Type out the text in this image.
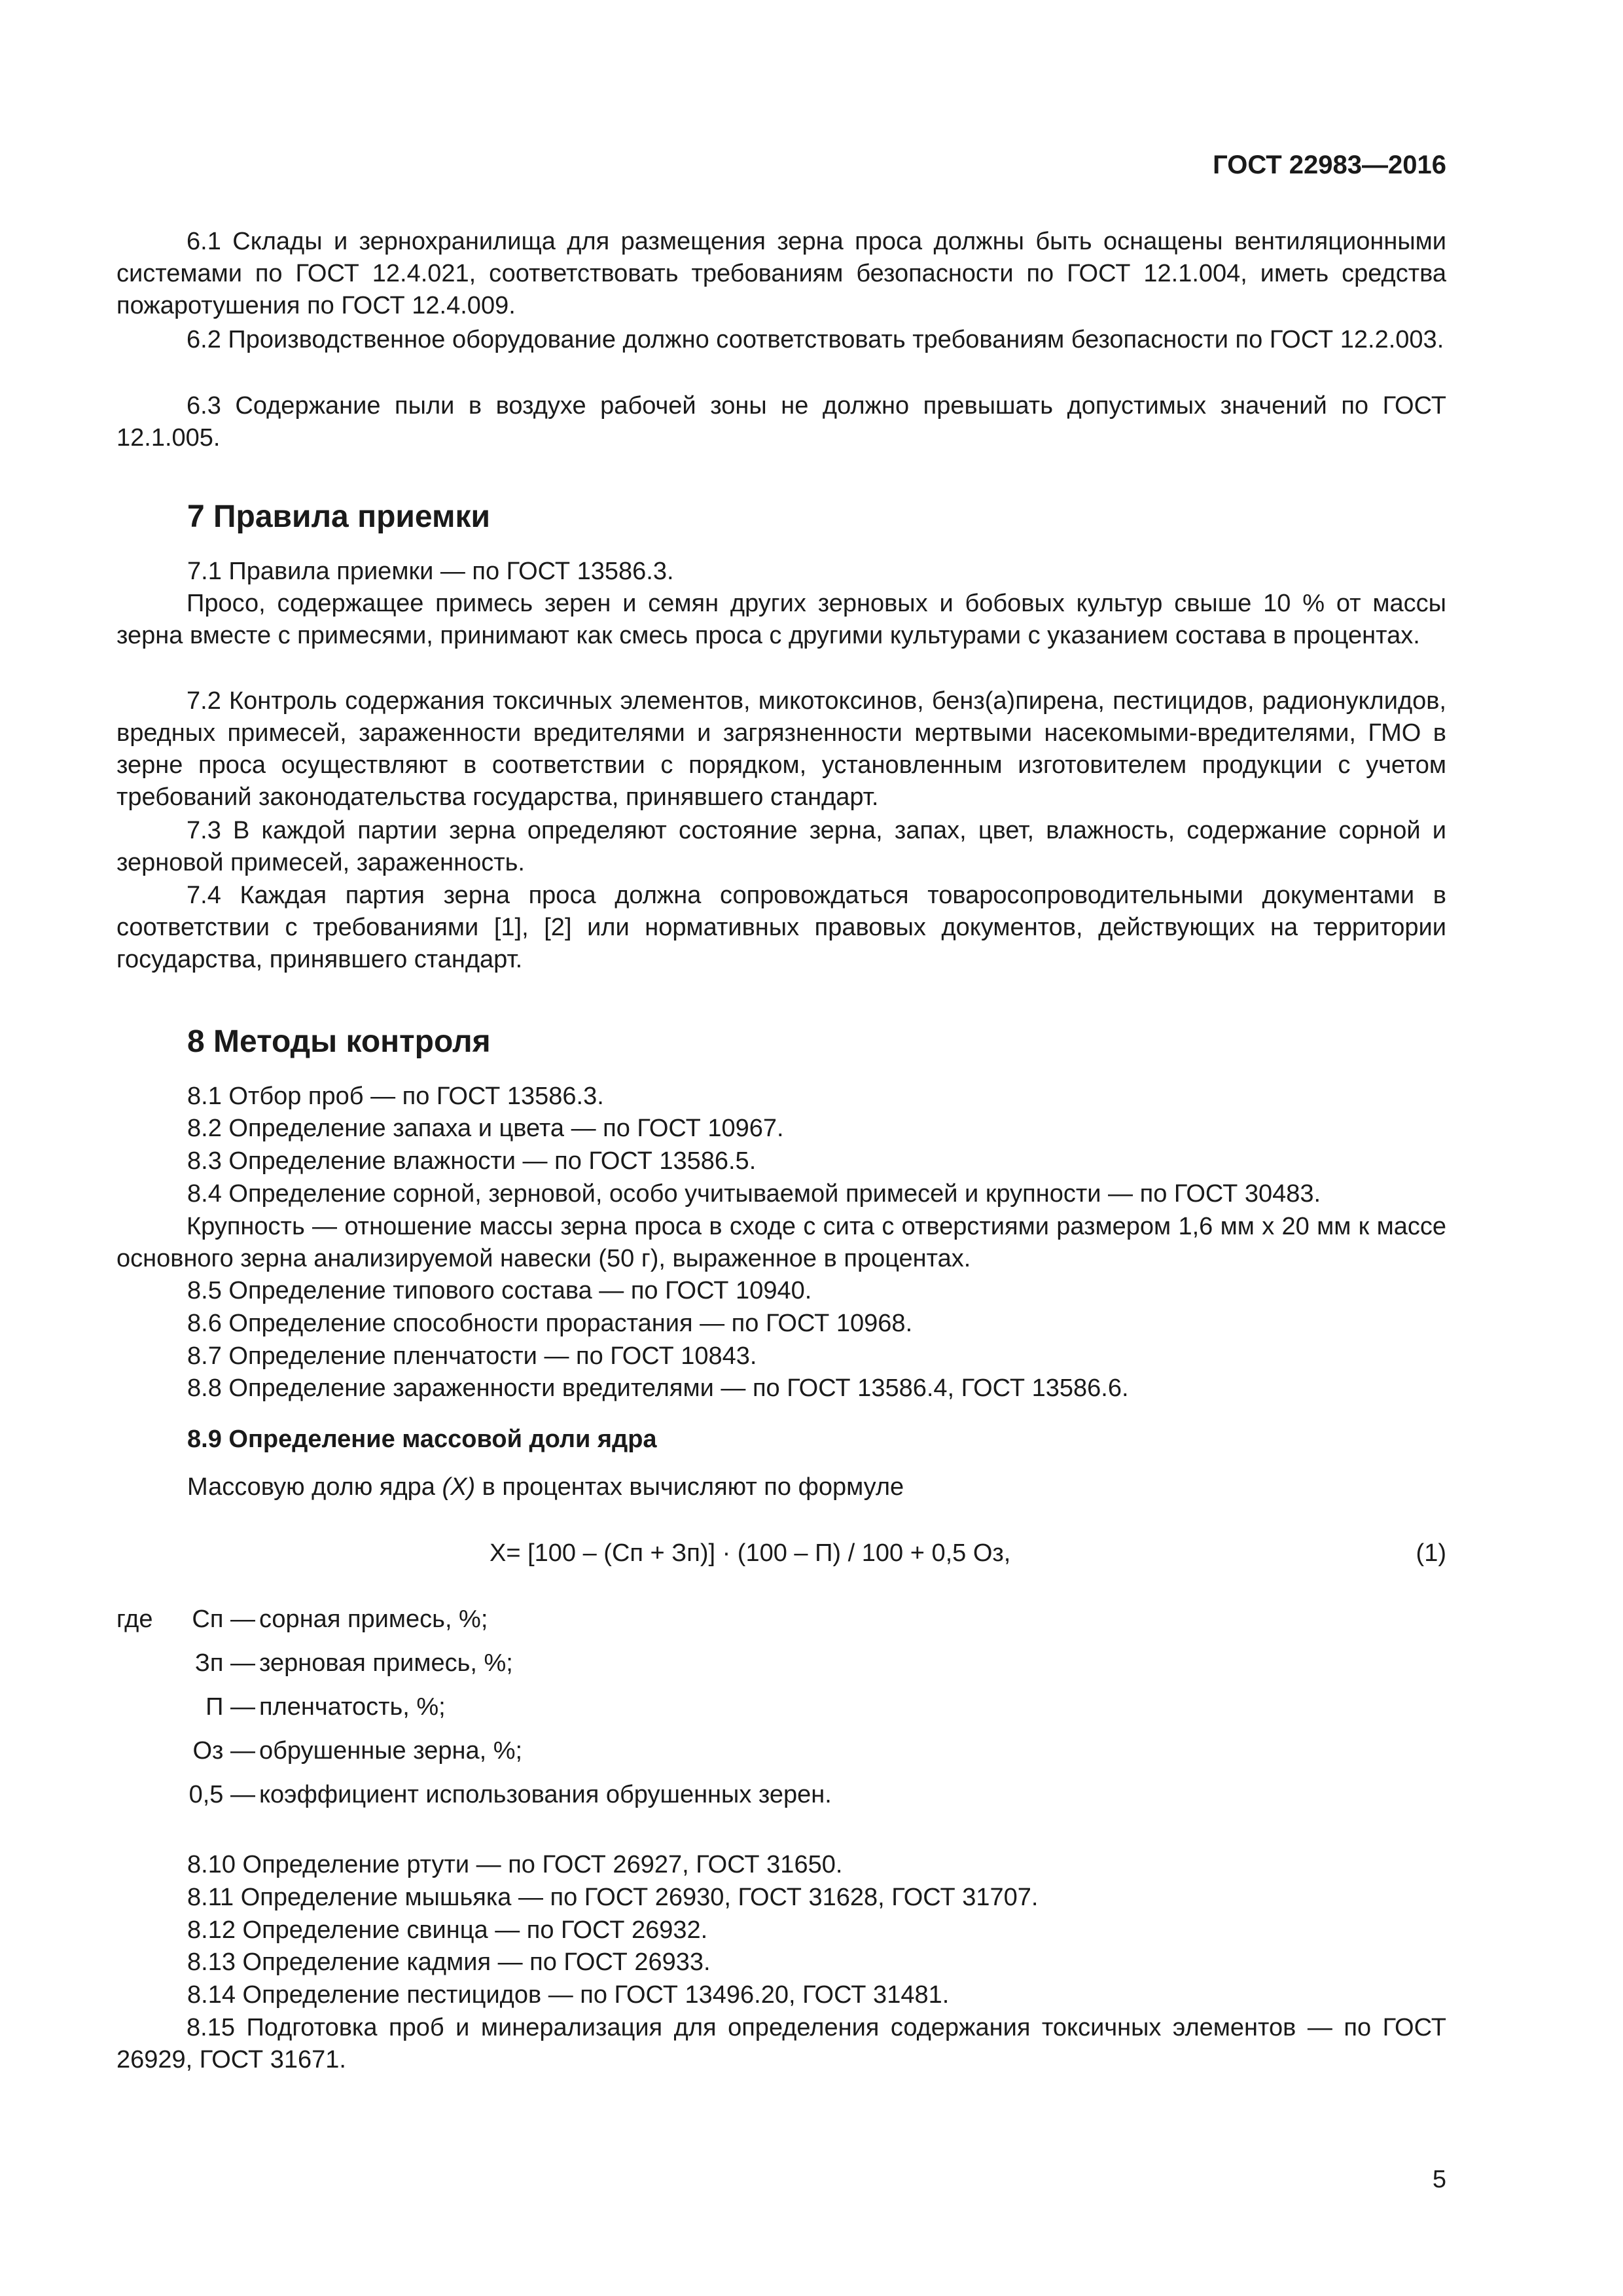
ГОСТ 22983—2016
6.1 Склады и зернохранилища для размещения зерна проса должны быть оснащены вентиляционными системами по ГОСТ 12.4.021, соответствовать требованиям безопасности по ГОСТ 12.1.004, иметь средства пожаротушения по ГОСТ 12.4.009.
6.2 Производственное оборудование должно соответствовать требованиям безопасности по ГОСТ 12.2.003.
6.3 Содержание пыли в воздухе рабочей зоны не должно превышать допустимых значений по ГОСТ 12.1.005.
7 Правила приемки
7.1 Правила приемки — по ГОСТ 13586.3.
Просо, содержащее примесь зерен и семян других зерновых и бобовых культур свыше 10 % от массы зерна вместе с примесями, принимают как смесь проса с другими культурами с указанием состава в процентах.
7.2 Контроль содержания токсичных элементов, микотоксинов, бенз(а)пирена, пестицидов, радионуклидов, вредных примесей, зараженности вредителями и загрязненности мертвыми насекомыми-вредителями, ГМО в зерне проса осуществляют в соответствии с порядком, установленным изготовителем продукции с учетом требований законодательства государства, принявшего стандарт.
7.3 В каждой партии зерна определяют состояние зерна, запах, цвет, влажность, содержание сорной и зерновой примесей, зараженность.
7.4 Каждая партия зерна проса должна сопровождаться товаросопроводительными документами в соответствии с требованиями [1], [2] или нормативных правовых документов, действующих на территории государства, принявшего стандарт.
8 Методы контроля
8.1 Отбор проб — по ГОСТ 13586.3.
8.2 Определение запаха и цвета — по ГОСТ 10967.
8.3 Определение влажности — по ГОСТ 13586.5.
8.4 Определение сорной, зерновой, особо учитываемой примесей и крупности — по ГОСТ 30483.
Крупность — отношение массы зерна проса в сходе с сита с отверстиями размером 1,6 мм х 20 мм к массе основного зерна анализируемой навески (50 г), выраженное в процентах.
8.5 Определение типового состава — по ГОСТ 10940.
8.6 Определение способности прорастания — по ГОСТ 10968.
8.7 Определение пленчатости — по ГОСТ 10843.
8.8 Определение зараженности вредителями — по ГОСТ 13586.4, ГОСТ 13586.6.
8.9 Определение массовой доли ядра
Массовую долю ядра (X) в процентах вычисляют по формуле
X= [100 – (Сп + Зп)] · (100 – П) / 100 + 0,5 Оз,	(1)
где	Сп — сорная примесь, %;
Зп — зерновая примесь, %;
П — пленчатость, %;
Оз — обрушенные зерна, %;
0,5 — коэффициент использования обрушенных зерен.
8.10 Определение ртути — по ГОСТ 26927, ГОСТ 31650.
8.11 Определение мышьяка — по ГОСТ 26930, ГОСТ 31628, ГОСТ 31707.
8.12 Определение свинца — по ГОСТ 26932.
8.13 Определение кадмия — по ГОСТ 26933.
8.14 Определение пестицидов — по ГОСТ 13496.20, ГОСТ 31481.
8.15 Подготовка проб и минерализация для определения содержания токсичных элементов — по ГОСТ 26929, ГОСТ 31671.
5
